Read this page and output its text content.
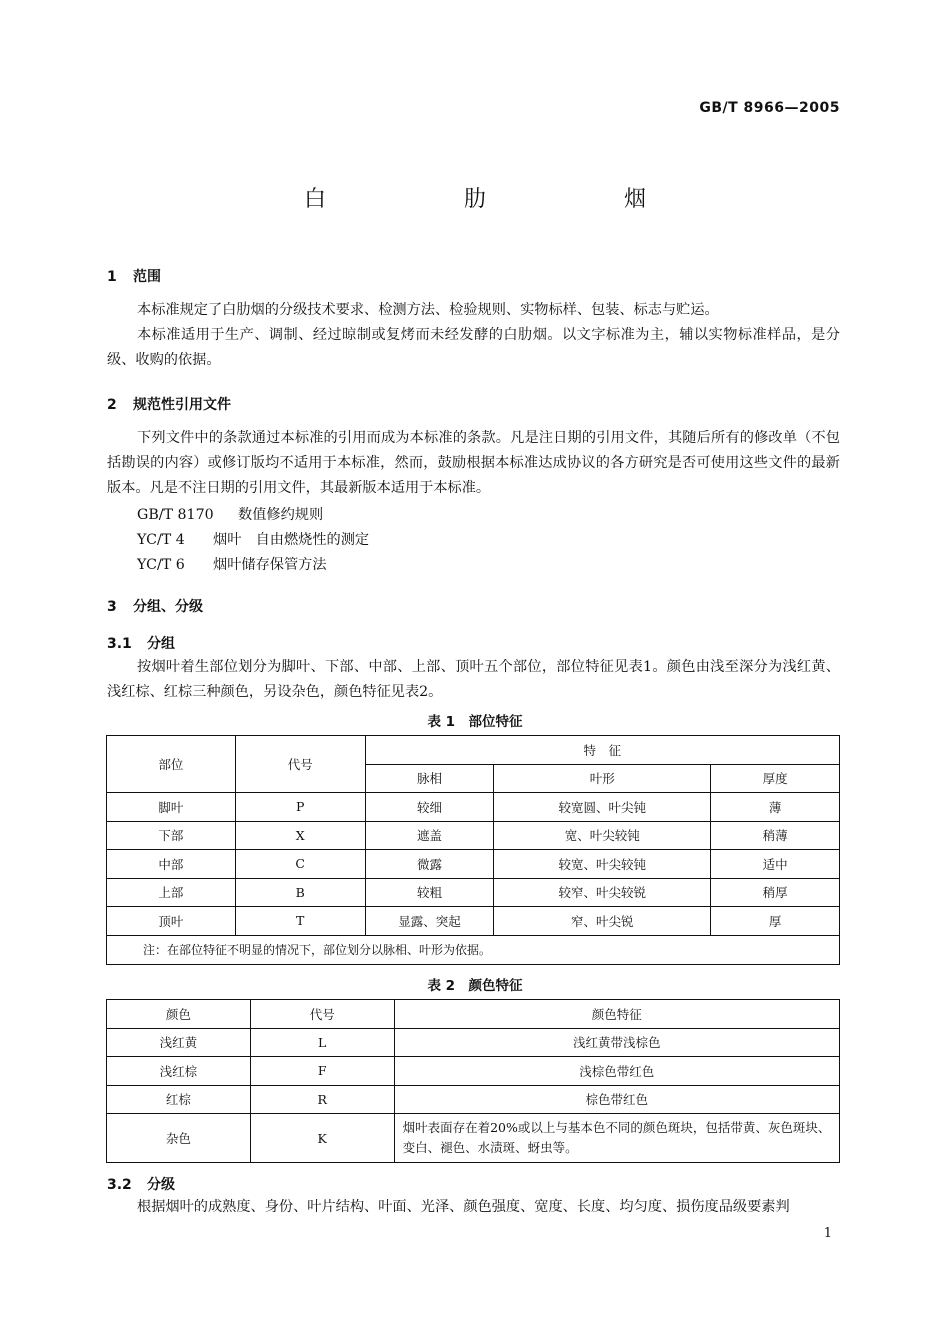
GB/T 8966—2005
白　肋　烟
1 范围
本标准规定了白肋烟的分级技术要求、检测方法、检验规则、实物标样、包装、标志与贮运。
本标准适用于生产、调制、经过晾制或复烤而未经发酵的白肋烟。以文字标准为主，辅以实物标准样品，是分级、收购的依据。
2 规范性引用文件
下列文件中的条款通过本标准的引用而成为本标准的条款。凡是注日期的引用文件，其随后所有的修改单（不包括勘误的内容）或修订版均不适用于本标准，然而，鼓励根据本标准达成协议的各方研究是否可使用这些文件的最新版本。凡是不注日期的引用文件，其最新版本适用于本标准。
GB/T 8170 数值修约规则
YC/T 4 烟叶　自由燃烧性的测定
YC/T 6 烟叶储存保管方法
3 分组、分级
3.1 分组
按烟叶着生部位划分为脚叶、下部、中部、上部、顶叶五个部位，部位特征见表1。颜色由浅至深分为浅红黄、浅红棕、红棕三种颜色，另设杂色，颜色特征见表2。
表 1　部位特征
部位	代号	特　征		
		脉相	叶形	厚度
脚叶	P	较细	较宽圆、叶尖钝	薄
下部	X	遮盖	宽、叶尖较钝	稍薄
中部	C	微露	较宽、叶尖较钝	适中
上部	B	较粗	较窄、叶尖较锐	稍厚
顶叶	T	显露、突起	窄、叶尖锐	厚
注：在部位特征不明显的情况下，部位划分以脉相、叶形为依据。				
表 2　颜色特征
颜色	代号	颜色特征
浅红黄	L	浅红黄带浅棕色
浅红棕	F	浅棕色带红色
红棕	R	棕色带红色
杂色	K	烟叶表面存在着20%或以上与基本色不同的颜色斑块，包括带黄、灰色斑块、变白、褪色、水渍斑、蚜虫等。
3.2 分级
根据烟叶的成熟度、身份、叶片结构、叶面、光泽、颜色强度、宽度、长度、均匀度、损伤度品级要素判
1
